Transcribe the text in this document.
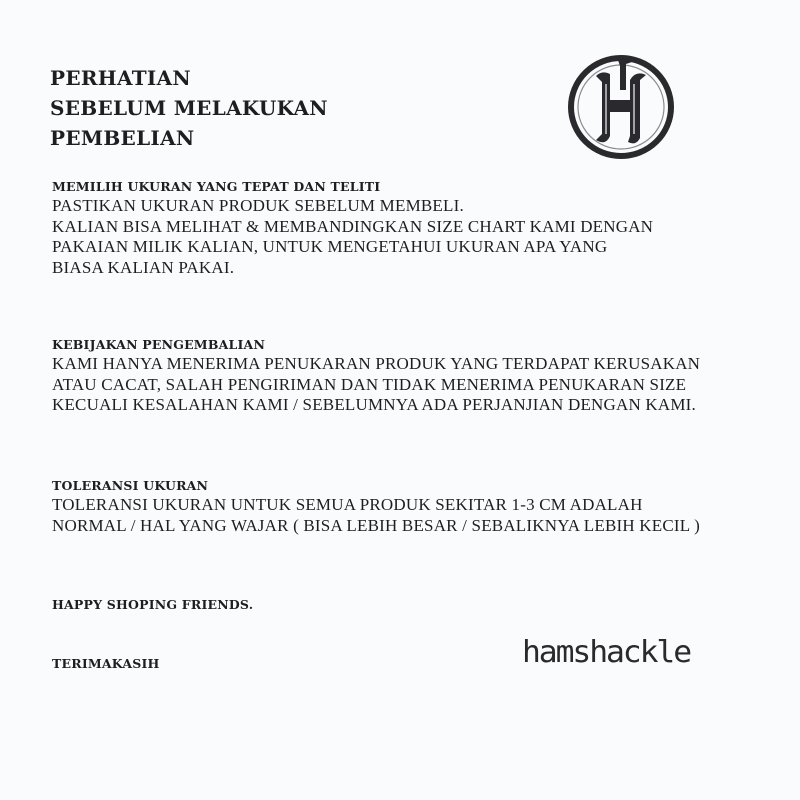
PERHATIAN
SEBELUM MELAKUKAN
PEMBELIAN
MEMILIH UKURAN YANG TEPAT DAN TELITI
PASTIKAN UKURAN PRODUK SEBELUM MEMBELI.
KALIAN BISA MELIHAT & MEMBANDINGKAN SIZE CHART KAMI DENGAN
PAKAIAN MILIK KALIAN, UNTUK MENGETAHUI UKURAN APA YANG
BIASA KALIAN PAKAI.
KEBIJAKAN PENGEMBALIAN
KAMI HANYA MENERIMA PENUKARAN PRODUK YANG TERDAPAT KERUSAKAN
ATAU CACAT, SALAH PENGIRIMAN DAN TIDAK MENERIMA PENUKARAN SIZE
KECUALI KESALAHAN KAMI / SEBELUMNYA ADA PERJANJIAN DENGAN KAMI.
TOLERANSI UKURAN
TOLERANSI UKURAN UNTUK SEMUA PRODUK SEKITAR 1-3 CM ADALAH
NORMAL / HAL YANG WAJAR ( BISA LEBIH BESAR / SEBALIKNYA LEBIH KECIL )

HAPPY SHOPING FRIENDS.

TERIMAKASIH	hamshackle
